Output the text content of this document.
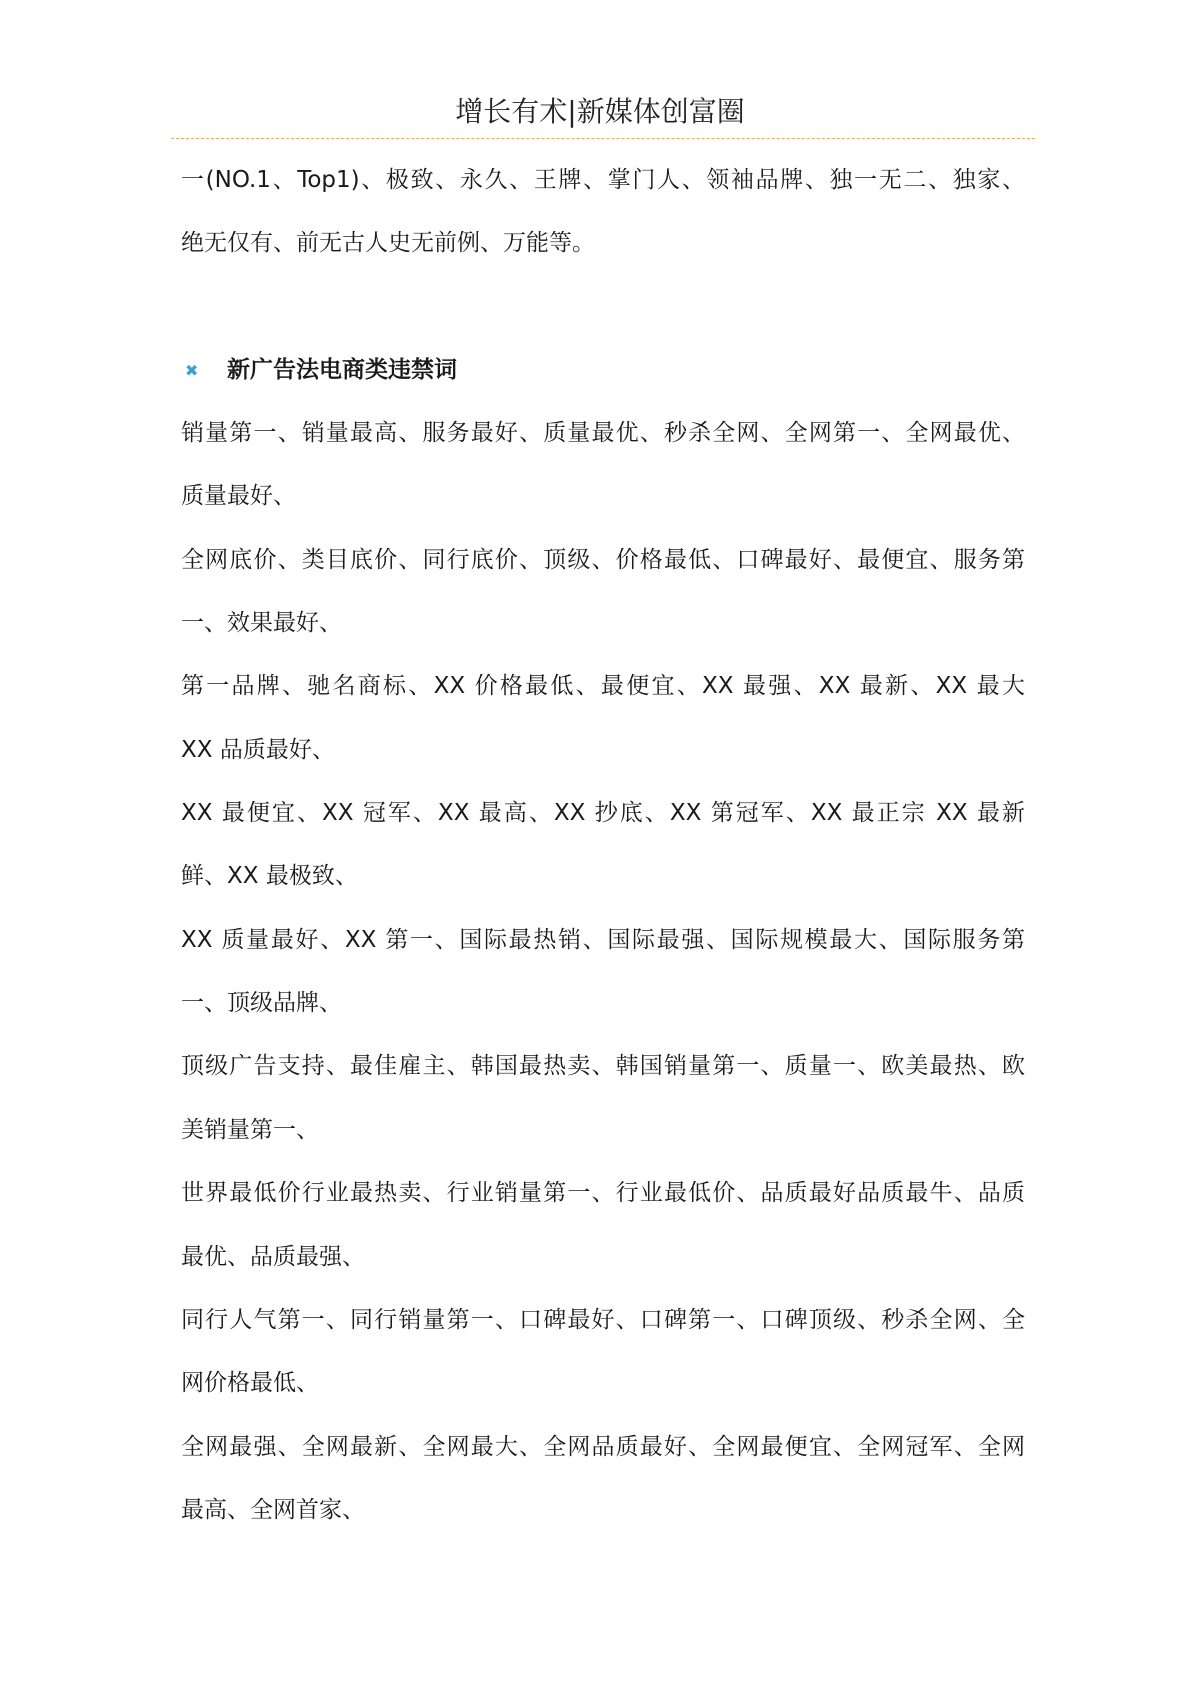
增长有术|新媒体创富圈
一(NO.1、Top1)、极致、永久、王牌、掌门人、领袖品牌、独一无二、独家、
绝无仅有、前无古人史无前例、万能等。
✖	新广告法电商类违禁词
销量第一、销量最高、服务最好、质量最优、秒杀全网、全网第一、全网最优、
质量最好、
全网底价、类目底价、同行底价、顶级、价格最低、口碑最好、最便宜、服务第
一、效果最好、
第一品牌、驰名商标、XX 价格最低、最便宜、XX 最强、XX 最新、XX 最大
XX 品质最好、
XX 最便宜、XX 冠军、XX 最高、XX 抄底、XX 第冠军、XX 最正宗 XX 最新
鲜、XX 最极致、
XX 质量最好、XX 第一、国际最热销、国际最强、国际规模最大、国际服务第
一、顶级品牌、
顶级广告支持、最佳雇主、韩国最热卖、韩国销量第一、质量一、欧美最热、欧
美销量第一、
世界最低价行业最热卖、行业销量第一、行业最低价、品质最好品质最牛、品质
最优、品质最强、
同行人气第一、同行销量第一、口碑最好、口碑第一、口碑顶级、秒杀全网、全
网价格最低、
全网最强、全网最新、全网最大、全网品质最好、全网最便宜、全网冠军、全网
最高、全网首家、
